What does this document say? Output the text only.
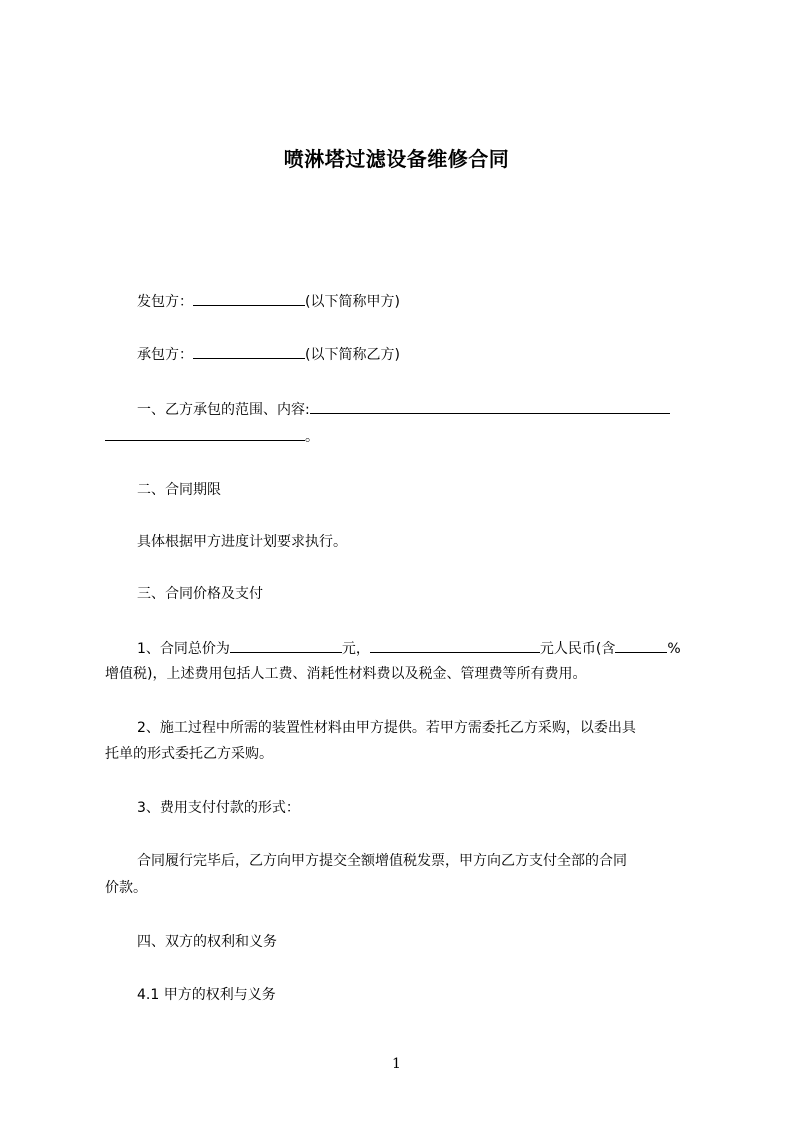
喷淋塔过滤设备维修合同
发包方：	(以下简称甲方)
承包方：	(以下简称乙方)
一、乙方承包的范围、内容:
。
二、合同期限
具体根据甲方进度计划要求执行。
三、合同价格及支付
1、合同总价为	元，	元人民币(含	%
增值税)，上述费用包括人工费、消耗性材料费以及税金、管理费等所有费用。
2、施工过程中所需的装置性材料由甲方提供。若甲方需委托乙方采购，以委出具
托单的形式委托乙方采购。
3、费用支付付款的形式：
合同履行完毕后，乙方向甲方提交全额增值税发票，甲方向乙方支付全部的合同
价款。
四、双方的权利和义务
4.1 甲方的权利与义务
1
